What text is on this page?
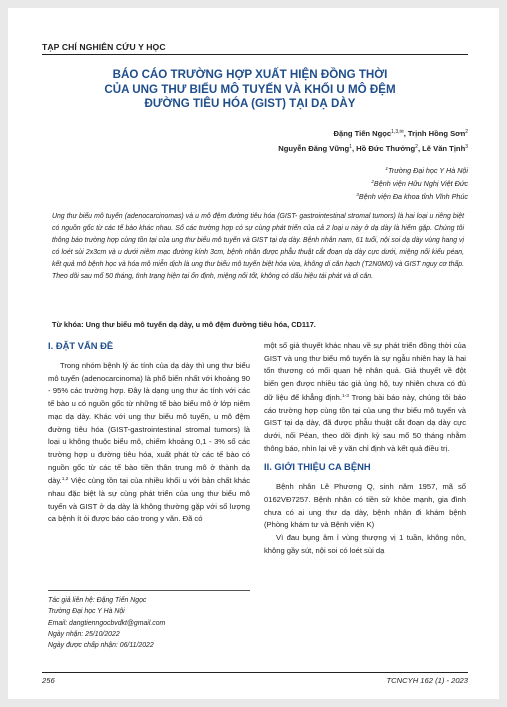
TẠP CHÍ NGHIÊN CỨU Y HỌC
BÁO CÁO TRƯỜNG HỢP XUẤT HIỆN ĐỒNG THỜI
CỦA UNG THƯ BIỂU MÔ TUYẾN VÀ KHỐI U MÔ ĐỆM
ĐƯỜNG TIÊU HÓA (GIST) TẠI DẠ DÀY
Đặng Tiến Ngọc$^{1,3,✉}$, Trịnh Hồng Sơn$^2$
Nguyễn Đăng Vững$^1$, Hồ Đức Thưởng$^2$, Lê Văn Tịnh$^3$
$^1$Trường Đại học Y Hà Nội
$^2$Bệnh viện Hữu Nghị Việt Đức
$^3$Bệnh viện Đa khoa tỉnh Vĩnh Phúc
Ung thư biểu mô tuyến (adenocarcinomas) và u mô đệm đường tiêu hóa (GIST- gastrointestinal stromal tumors) là hai loại u riêng biệt có nguồn gốc từ các tế bào khác nhau. Số các trường hợp có sự cùng phát triển của cả 2 loại u này ở dạ dày là hiếm gặp. Chúng tôi thông báo trường hợp cùng tồn tại của ung thư biểu mô tuyến và GIST tại dạ dày. Bệnh nhân nam, 61 tuổi, nội soi dạ dày vùng hang vị có loét sùi 2x3cm và u dưới niêm mạc đường kính 3cm, bệnh nhân được phẫu thuật cắt đoạn dạ dày cực dưới, miệng nối kiểu péan, kết quả mô bệnh học và hóa mô miễn dịch là ung thư biểu mô tuyến biệt hóa vừa, không di căn hạch (T2N0M0) và GIST nguy cơ thấp. Theo dõi sau mổ 50 tháng, tình trạng hiện tại ổn định, miệng nối tốt, không có dấu hiệu tái phát và di căn.
Từ khóa: Ung thư biểu mô tuyến dạ dày, u mô đệm đường tiêu hóa, CD117.
I. ĐẶT VẤN ĐỀ

Trong nhóm bệnh lý ác tính của dạ dày thì ung thư biểu mô tuyến (adenocarcinoma) là phổ biến nhất với khoảng 90 - 95% các trường hợp. Đây là dạng ung thư ác tính với các tế bào u có nguồn gốc từ những tế bào biểu mô ở lớp niêm mạc dạ dày. Khác với ung thư biểu mô tuyến, u mô đệm đường tiêu hóa (GIST-gastrointestinal stromal tumors) là loại u không thuộc biểu mô, chiếm khoảng 0,1 - 3% số các trường hợp u đường tiêu hóa, xuất phát từ các tế bào có nguồn gốc từ các tế bào tiền thân trung mô ở thành dạ dày.$^{1,2}$ Việc cùng tồn tại của nhiều khối u với bản chất khác nhau đặc biệt là sự cùng phát triển của ung thư biểu mô tuyến và GIST ở dạ dày là không thường gặp với số lượng ca bệnh ít ỏi được báo cáo trong y văn. Đã có

một số giả thuyết khác nhau về sự phát triển đồng thời của GIST và ung thư biểu mô tuyến là sự ngẫu nhiên hay là hai tổn thương có mối quan hệ nhân quả. Giả thuyết về đột biến gen được nhiều tác giả ủng hộ, tuy nhiên chưa có đủ dữ liệu để khẳng định.$^{1-3}$ Trong bài báo này, chúng tôi báo cáo trường hợp cùng tồn tại của ung thư biểu mô tuyến và GIST tại dạ dày, đã được phẫu thuật cắt đoạn dạ dày cực dưới, nối Péan, theo dõi định kỳ sau mổ 50 tháng nhằm thông báo, nhìn lại về y văn chỉ định và kết quả điều trị.

II. GIỚI THIỆU CA BỆNH

Bệnh nhân Lê Phương Q, sinh năm 1957, mã số 0162VĐ7257. Bệnh nhân có tiền sử khỏe mạnh, gia đình chưa có ai ung thư dạ dày, bệnh nhân đi khám bệnh (Phòng khám tư và Bệnh viện K)

Vì đau bụng âm ỉ vùng thượng vị 1 tuần, không nôn, không gầy sút, nội soi có loét sùi dạ

Tác giả liên hệ: Đặng Tiến Ngọc
Trường Đại học Y Hà Nội
Email: dangtienngocbvdkt@gmail.com
Ngày nhận: 25/10/2022
Ngày được chấp nhận: 06/11/2022
256	TCNCYH 162 (1) - 2023
